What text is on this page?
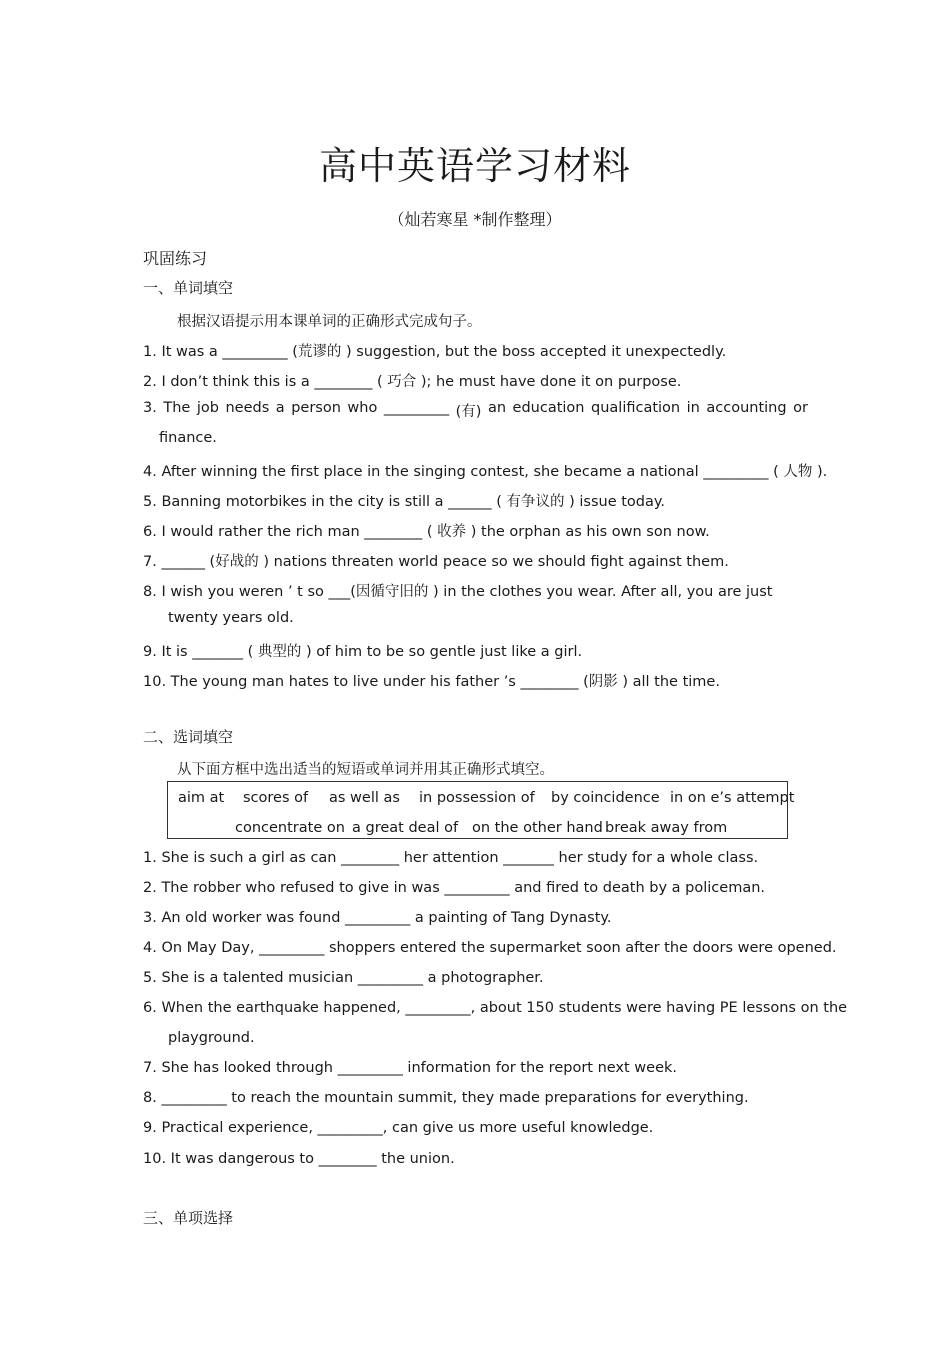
高中英语学习材料
（灿若寒星 *制作整理）
巩固练习
一、单词填空
根据汉语提示用本课单词的正确形式完成句子。
1. It was a _________ (荒谬的 ) suggestion, but the boss accepted it unexpectedly.
2. I don’t think this is a ________ ( 巧合 ); he must have done it on purpose.
3. The job needs a person who _________ (有) an education qualification in accounting or
finance.
4. After winning the first place in the singing contest, she became a national _________ ( 人物 ).
5. Banning motorbikes in the city is still a ______ ( 有争议的 ) issue today.
6. I would rather the rich man ________ ( 收养 ) the orphan as his own son now.
7. ______ (好战的 ) nations threaten world peace so we should fight against them.
8. I wish you weren ’ t so ___(因循守旧的 ) in the clothes you wear. After all, you are just
twenty years old.
9. It is _______ ( 典型的 ) of him to be so gentle just like a girl.
10. The young man hates to live under his father ’s ________ (阴影 ) all the time.
二、选词填空
从下面方框中选出适当的短语或单词并用其正确形式填空。
aim at scores of as well as in possession of by coincidence in on e’s attempt
concentrate on a great deal of on the other hand break away from
1. She is such a girl as can ________ her attention _______ her study for a whole class.
2. The robber who refused to give in was _________ and fired to death by a policeman.
3. An old worker was found _________ a painting of Tang Dynasty.
4. On May Day, _________ shoppers entered the supermarket soon after the doors were opened.
5. She is a talented musician _________ a photographer.
6. When the earthquake happened, _________, about 150 students were having PE lessons on the
playground.
7. She has looked through _________ information for the report next week.
8. _________ to reach the mountain summit, they made preparations for everything.
9. Practical experience, _________, can give us more useful knowledge.
10. It was dangerous to ________ the union.
三、单项选择
